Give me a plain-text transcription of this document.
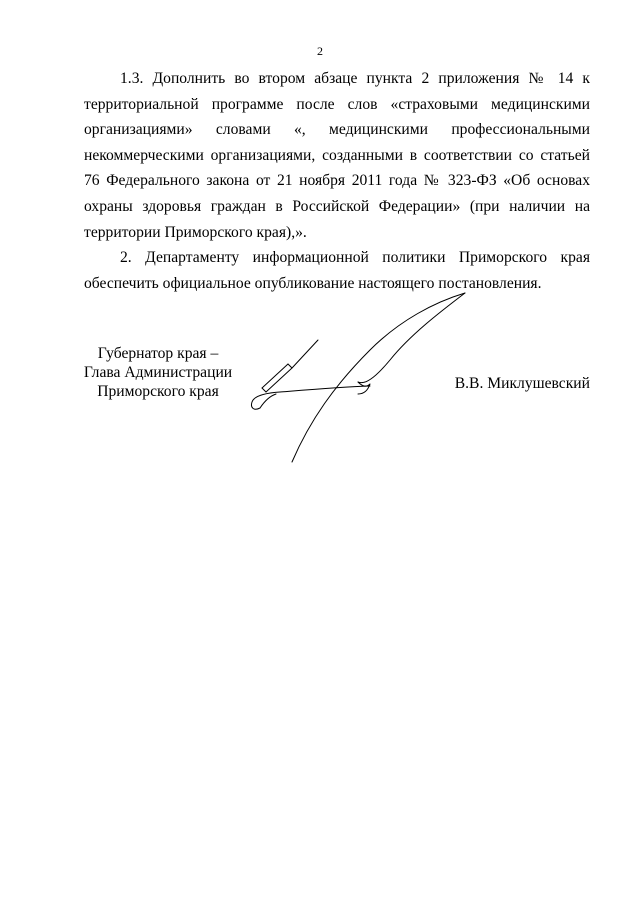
2

1.3. Дополнить во втором абзаце пункта 2 приложения № 14 к территориальной программе после слов «страховыми медицинскими организациями» словами «, медицинскими профессиональными некоммерческими организациями, созданными в соответствии со статьей 76 Федерального закона от 21 ноября 2011 года № 323-ФЗ «Об основах охраны здоровья граждан в Российской Федерации» (при наличии на территории Приморского края),».

2. Департаменту информационной политики Приморского края обеспечить официальное опубликование настоящего постановления.

Губернатор края –
Глава Администрации
Приморского края	В.В. Миклушевский
